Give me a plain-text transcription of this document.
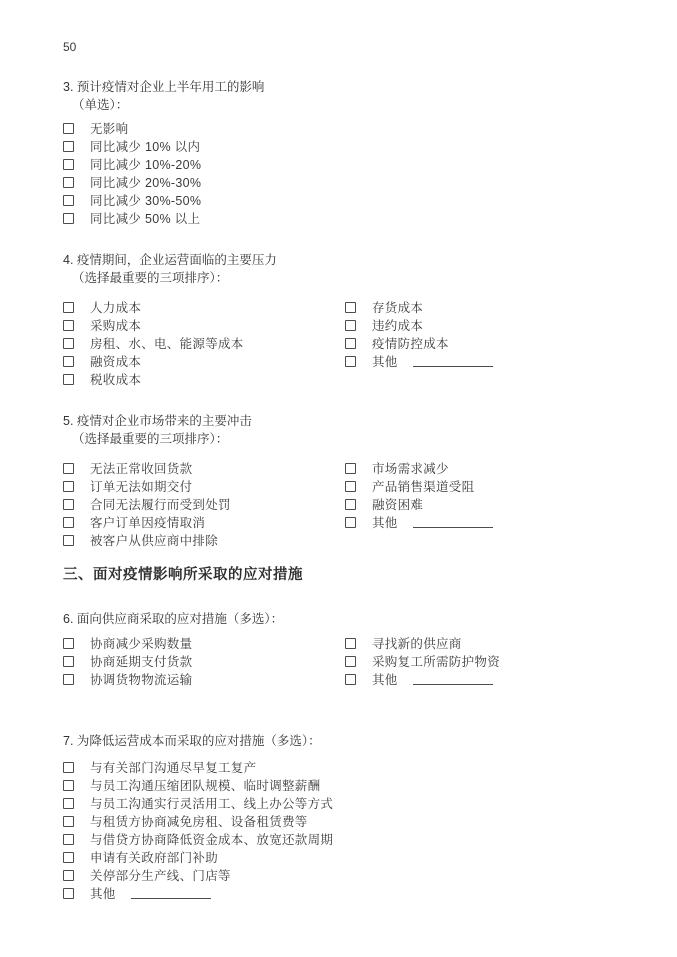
50
3. 预计疫情对企业上半年用工的影响
（单选）：
无影响
同比减少 10% 以内
同比减少 10%-20%
同比减少 20%-30%
同比减少 30%-50%
同比减少 50% 以上
4. 疫情期间，企业运营面临的主要压力
（选择最重要的三项排序）：
人力成本
采购成本
房租、水、电、能源等成本
融资成本
税收成本
存货成本
违约成本
疫情防控成本
其他
5. 疫情对企业市场带来的主要冲击
（选择最重要的三项排序）：
无法正常收回货款
订单无法如期交付
合同无法履行而受到处罚
客户订单因疫情取消
被客户从供应商中排除
市场需求减少
产品销售渠道受阻
融资困难
其他
三、面对疫情影响所采取的应对措施
6. 面向供应商采取的应对措施（多选）：
协商减少采购数量
协商延期支付货款
协调货物物流运输
寻找新的供应商
采购复工所需防护物资
其他
7. 为降低运营成本而采取的应对措施（多选）：
与有关部门沟通尽早复工复产
与员工沟通压缩团队规模、临时调整薪酬
与员工沟通实行灵活用工、线上办公等方式
与租赁方协商减免房租、设备租赁费等
与借贷方协商降低资金成本、放宽还款周期
申请有关政府部门补助
关停部分生产线、门店等
其他
